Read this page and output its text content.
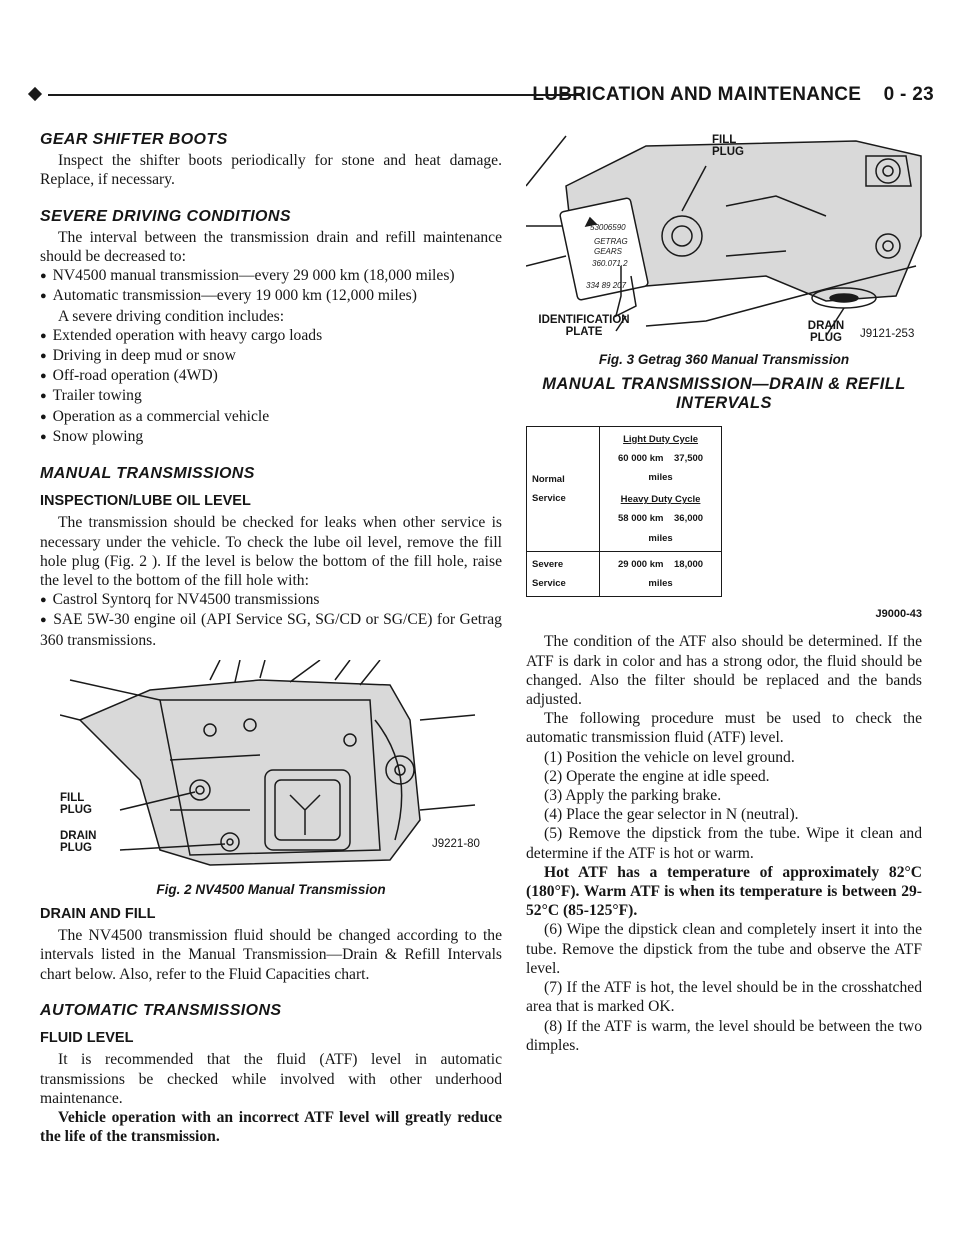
LUBRICATION AND MAINTENANCE 0 - 23
GEAR SHIFTER BOOTS

Inspect the shifter boots periodically for stone and heat damage. Replace, if necessary.

SEVERE DRIVING CONDITIONS

The interval between the transmission drain and refill maintenance should be decreased to:

● NV4500 manual transmission—every 29 000 km (18,000 miles)

● Automatic transmission—every 19 000 km (12,000 miles)

A severe driving condition includes:

● Extended operation with heavy cargo loads

● Driving in deep mud or snow

● Off-road operation (4WD)

● Trailer towing

● Operation as a commercial vehicle

● Snow plowing

MANUAL TRANSMISSIONS
INSPECTION/LUBE OIL LEVEL

The transmission should be checked for leaks when other service is necessary under the vehicle. To check the lube oil level, remove the fill hole plug (Fig. 2 ). If the level is below the bottom of the fill hole, raise the level to the bottom of the fill hole with:

● Castrol Syntorq for NV4500 transmissions

● SAE 5W-30 engine oil (API Service SG, SG/CD or SG/CE) for Getrag 360 transmissions.

FILL PLUG
DRAIN PLUG	J9221-80
Fig. 2 NV4500 Manual Transmission
DRAIN AND FILL

The NV4500 transmission fluid should be changed according to the intervals listed in the Manual Transmission—Drain & Refill Intervals chart below. Also, refer to the Fluid Capacities chart.

AUTOMATIC TRANSMISSIONS
FLUID LEVEL

It is recommended that the fluid (ATF) level in automatic transmissions be checked while involved with other underhood maintenance.

Vehicle operation with an incorrect ATF level will greatly reduce the life of the transmission.

53006590
GETRAG
GEARS
360.071.2
334 89 207
FILL PLUG
IDENTIFICATION PLATE	DRAIN PLUG	J9121-253
Fig. 3 Getrag 360 Manual Transmission
MANUAL TRANSMISSION—DRAIN & REFILL INTERVALS
Normal Service	Light Duty Cycle
60 000 km 37,500 miles
Heavy Duty Cycle
58 000 km 36,000 miles

Severe Service	29 000 km 18,000 miles
J9000-43

The condition of the ATF also should be determined. If the ATF is dark in color and has a strong odor, the fluid should be changed. Also the filter should be replaced and the bands adjusted.

The following procedure must be used to check the automatic transmission fluid (ATF) level.

(1) Position the vehicle on level ground.

(2) Operate the engine at idle speed.

(3) Apply the parking brake.

(4) Place the gear selector in N (neutral).

(5) Remove the dipstick from the tube. Wipe it clean and determine if the ATF is hot or warm.

Hot ATF has a temperature of approximately 82°C (180°F). Warm ATF is when its temperature is between 29-52°C (85-125°F).

(6) Wipe the dipstick clean and completely insert it into the tube. Remove the dipstick from the tube and observe the ATF level.

(7) If the ATF is hot, the level should be in the crosshatched area that is marked OK.

(8) If the ATF is warm, the level should be between the two dimples.
